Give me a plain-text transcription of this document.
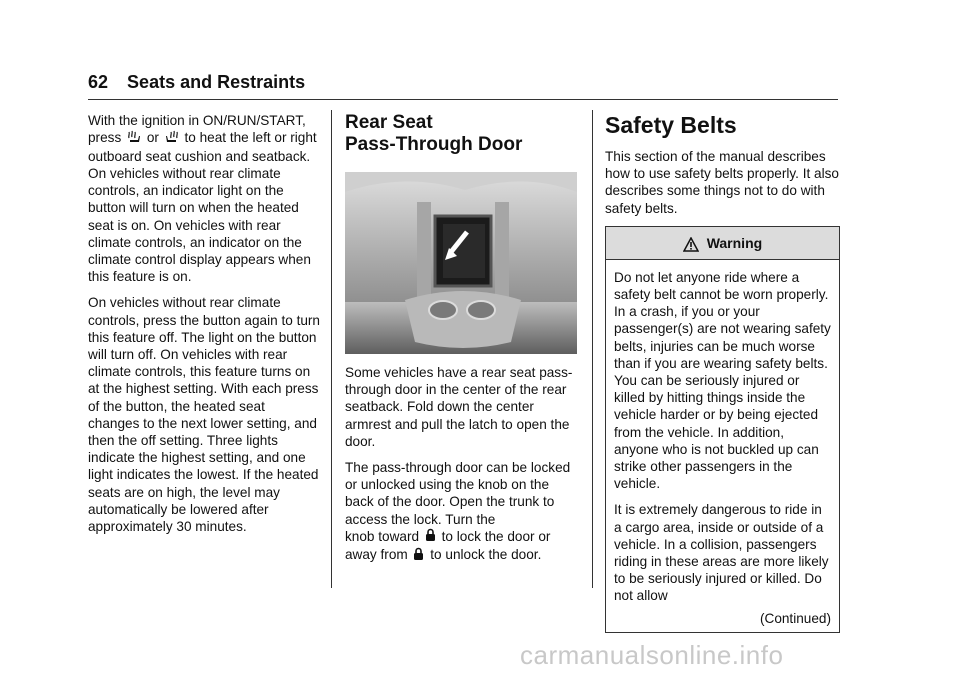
62 Seats and Restraints

With the ignition in ON/RUN/START, press or to heat the left or right outboard seat cushion and seatback. On vehicles without rear climate controls, an indicator light on the button will turn on when the heated seat is on. On vehicles with rear climate controls, an indicator on the climate control display appears when this feature is on.

On vehicles without rear climate controls, press the button again to turn this feature off. The light on the button will turn off. On vehicles with rear climate controls, this feature turns on at the highest setting. With each press of the button, the heated seat changes to the next lower setting, and then the off setting. Three lights indicate the highest setting, and one light indicates the lowest. If the heated seats are on high, the level may automatically be lowered after approximately 30 minutes.

Rear Seat
Pass-Through Door

Some vehicles have a rear seat pass-through door in the center of the rear seatback. Fold down the center armrest and pull the latch to open the door.

The pass-through door can be locked or unlocked using the knob on the back of the door. Open the trunk to access the lock. Turn the
knob toward to lock the door or
away from to unlock the door.

Safety Belts

This section of the manual describes how to use safety belts properly. It also describes some things not to do with safety belts.

Warning

Do not let anyone ride where a safety belt cannot be worn properly. In a crash, if you or your passenger(s) are not wearing safety belts, injuries can be much worse than if you are wearing safety belts. You can be seriously injured or killed by hitting things inside the vehicle harder or by being ejected from the vehicle. In addition, anyone who is not buckled up can strike other passengers in the vehicle.

It is extremely dangerous to ride in a cargo area, inside or outside of a vehicle. In a collision, passengers riding in these areas are more likely to be seriously injured or killed. Do not allow

(Continued)
carmanualsonline.info
